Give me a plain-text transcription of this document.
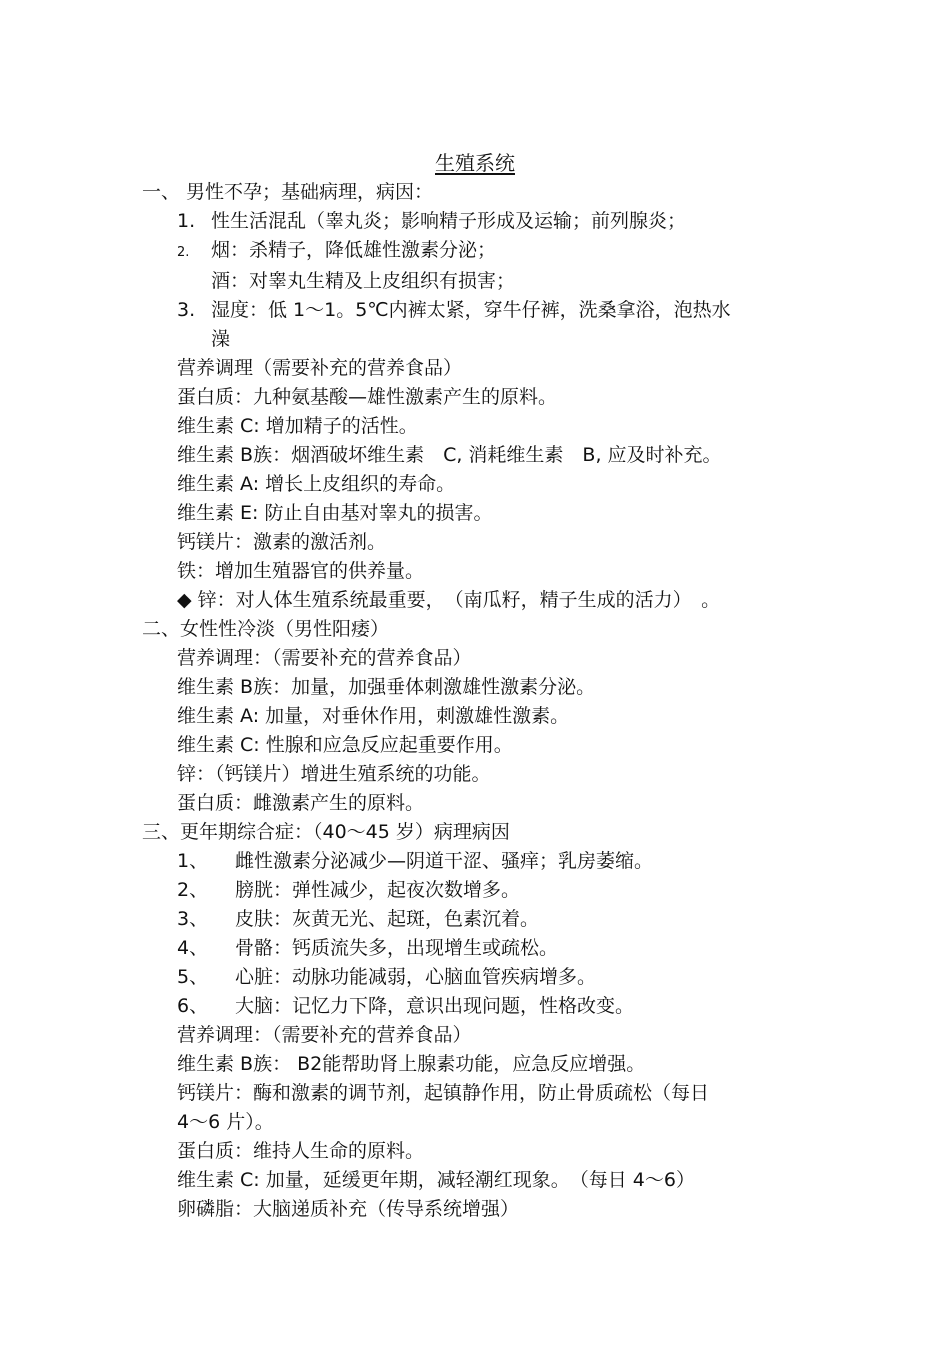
生殖系统
一、 男性不孕；基础病理，病因：
1. 性生活混乱（睾丸炎；影响精子形成及运输；前列腺炎；
2. 烟：杀精子，降低雄性激素分泌；
酒：对睾丸生精及上皮组织有损害；
3. 湿度：低 1～1。5℃内裤太紧，穿牛仔裤，洗桑拿浴，泡热水
澡
营养调理（需要补充的营养食品）
蛋白质：九种氨基酸—雄性激素产生的原料。
维生素 C: 增加精子的活性。
维生素 B族：烟酒破坏维生素　C, 消耗维生素　B, 应及时补充。
维生素 A: 增长上皮组织的寿命。
维生素 E: 防止自由基对睾丸的损害。
钙镁片：激素的激活剂。
铁：增加生殖器官的供养量。
◆ 锌：对人体生殖系统最重要，　（南瓜籽，精子生成的活力）　。
二、女性性冷淡（男性阳痿）
营养调理：（需要补充的营养食品）
维生素 B族：加量，加强垂体刺激雄性激素分泌。
维生素 A: 加量，对垂休作用，刺激雄性激素。
维生素 C: 性腺和应急反应起重要作用。
锌：（钙镁片）增进生殖系统的功能。
蛋白质：雌激素产生的原料。
三、更年期综合症：（40～45 岁）病理病因
1、 雌性激素分泌减少—阴道干涩、骚痒；乳房萎缩。
2、 膀胱：弹性减少，起夜次数增多。
3、 皮肤：灰黄无光、起斑，色素沉着。
4、 骨骼：钙质流失多，出现增生或疏松。
5、 心脏：动脉功能减弱，心脑血管疾病增多。
6、 大脑：记忆力下降，意识出现问题，性格改变。
营养调理：（需要补充的营养食品）
维生素 B族： B2能帮助肾上腺素功能，应急反应增强。
钙镁片：酶和激素的调节剂，起镇静作用，防止骨质疏松（每日
4～6 片）。
蛋白质：维持人生命的原料。
维生素 C: 加量，延缓更年期，减轻潮红现象。　（每日 4～6）
卵磷脂：大脑递质补充（传导系统增强）
